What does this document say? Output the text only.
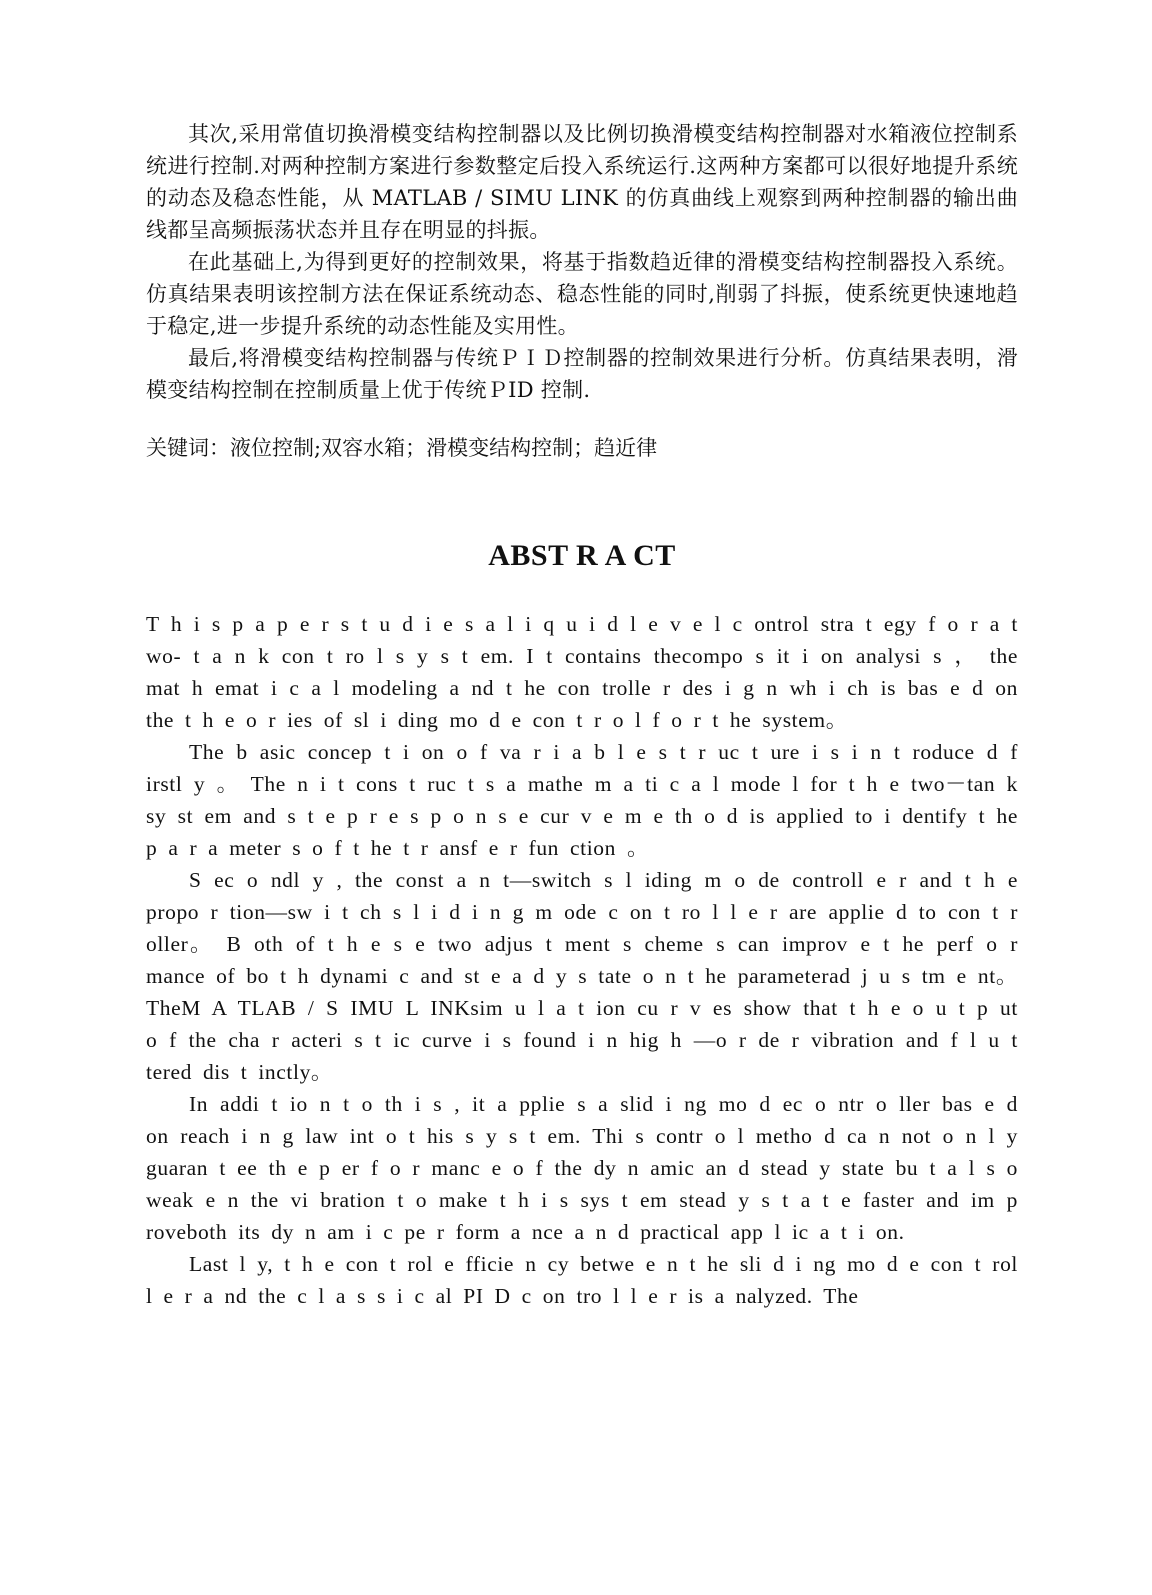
其次,采用常值切换滑模变结构控制器以及比例切换滑模变结构控制器对水箱液位控制系统进行控制.对两种控制方案进行参数整定后投入系统运行.这两种方案都可以很好地提升系统的动态及稳态性能，从 MATLAB / SIMU LINK 的仿真曲线上观察到两种控制器的输出曲线都呈高频振荡状态并且存在明显的抖振。

在此基础上,为得到更好的控制效果，将基于指数趋近律的滑模变结构控制器投入系统。仿真结果表明该控制方法在保证系统动态、稳态性能的同时,削弱了抖振，使系统更快速地趋于稳定,进一步提升系统的动态性能及实用性。

最后,将滑模变结构控制器与传统ＰＩＤ控制器的控制效果进行分析。仿真结果表明，滑模变结构控制在控制质量上优于传统ＰID 控制.

关键词：液位控制;双容水箱；滑模变结构控制；趋近律

ABST R A CT

T h i s p a p e r s t u d i e s a l i q u i d l e v e l c ontrol stra t egy f o r a t wo- t a n k con t ro l s y s t em. I t contains thecompo s it i on analysi s ， the mat h emat i c a l modeling a nd t he con trolle r des i g n wh i ch is bas e d on the t h e o r ies of sl i ding mo d e con t r o l f o r t he system。

The b asic concep t i on o f va r i a b l e s t r uc t ure i s i n t roduce d f irstl y 。 The n i t cons t ruc t s a mathe m a ti c a l mode l for t h e two－tan k sy st em and s t e p r e s p o n s e cur v e m e th o d is applied to i dentify t he p a r a meter s o f t he t r ansf e r fun ction 。

S ec o ndl y , the const a n t—switch s l iding m o de controll e r and t h e propo r tion—sw i t ch s l i d i n g m ode c on t ro l l e r are applie d to con t r oller。 B oth of t h e s e two adjus t ment s cheme s can improv e t he perf o r mance of bo t h dynami c and st e a d y s tate o n t he parameterad j u s tm e nt。 TheM A TLAB / S IMU L INKsim u l a t ion cu r v es show that t h e o u t p ut o f the cha r acteri s t ic curve i s found i n hig h —o r de r vibration and f l u t tered dis t inctly。

In addi t io n t o th i s , it a pplie s a slid i ng mo d ec o ntr o ller bas e d on reach i n g law int o t his s y s t em. Thi s contr o l metho d ca n not o n l y guaran t ee th e p er f o r manc e o f the dy n amic an d stead y state bu t a l s o weak e n the vi bration t o make t h i s sys t em stead y s t a t e faster and im p roveboth its dy n am i c pe r form a nce a n d practical app l ic a t i on.

Last l y, t h e con t rol e fficie n cy betwe e n t he sli d i ng mo d e con t rol l e r a nd the c l a s s i c al PI D c on tro l l e r is a nalyzed. The
